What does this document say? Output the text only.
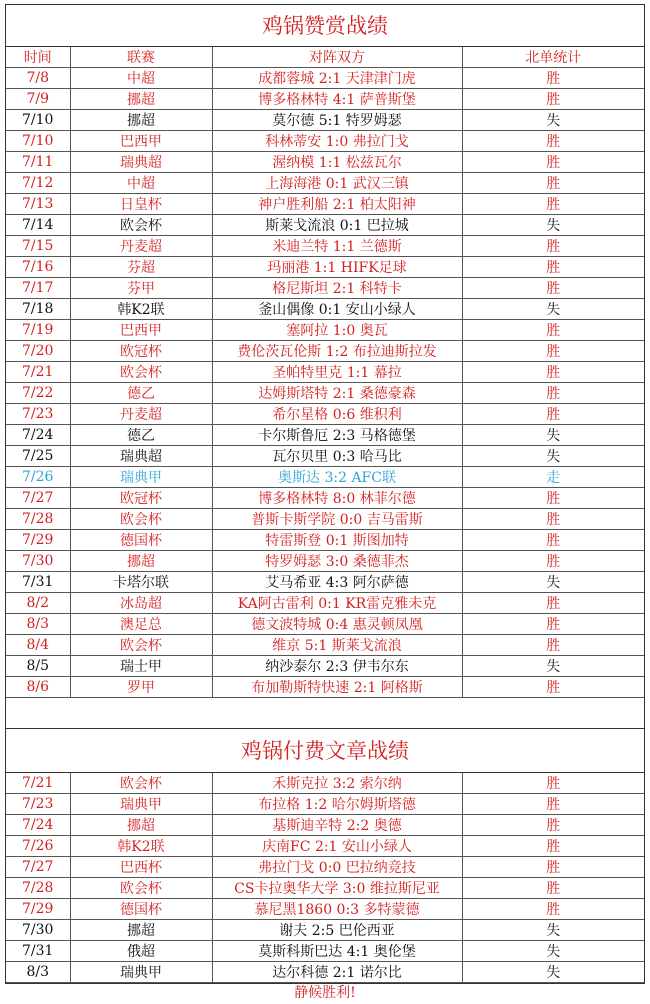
鸡锅赞赏战绩
时间	联赛	对阵双方	北单统计
7/8	中超	成都蓉城 2:1 天津津门虎	胜
7/9	挪超	博多格林特 4:1 萨普斯堡	胜
7/10	挪超	莫尔德 5:1 特罗姆瑟	失
7/10	巴西甲	科林蒂安 1:0 弗拉门戈	胜
7/11	瑞典超	渥纳模 1:1 松兹瓦尔	胜
7/12	中超	上海海港 0:1 武汉三镇	胜
7/13	日皇杯	神户胜利船 2:1 柏太阳神	胜
7/14	欧会杯	斯莱戈流浪 0:1 巴拉城	失
7/15	丹麦超	米迪兰特 1:1 兰德斯	胜
7/16	芬超	玛丽港 1:1 HIFK足球	胜
7/17	芬甲	格尼斯坦 2:1 科特卡	胜
7/18	韩K2联	釜山偶像 0:1 安山小绿人	失
7/19	巴西甲	塞阿拉 1:0 奥瓦	胜
7/20	欧冠杯	费伦茨瓦伦斯 1:2 布拉迪斯拉发	胜
7/21	欧会杯	圣帕特里克 1:1 幕拉	胜
7/22	德乙	达姆斯塔特 2:1 桑德豪森	胜
7/23	丹麦超	希尔星格 0:6 维积利	胜
7/24	德乙	卡尔斯鲁厄 2:3 马格德堡	失
7/25	瑞典超	瓦尔贝里 0:3 哈马比	失
7/26	瑞典甲	奥斯达 3:2 AFC联	走
7/27	欧冠杯	博多格林特 8:0 林菲尔德	胜
7/28	欧会杯	普斯卡斯学院 0:0 吉马雷斯	胜
7/29	德国杯	特雷斯登 0:1 斯图加特	胜
7/30	挪超	特罗姆瑟 3:0 桑德菲杰	胜
7/31	卡塔尔联	艾马希亚 4:3 阿尔萨德	失
8/2	冰岛超	KA阿古雷利 0:1 KR雷克雅未克	胜
8/3	澳足总	德文波特城 0:4 惠灵顿凤凰	胜
8/4	欧会杯	维京 5:1 斯莱戈流浪	胜
8/5	瑞士甲	纳沙泰尔 2:3 伊韦尔东	失
8/6	罗甲	布加勒斯特快速 2:1 阿格斯	胜
鸡锅付费文章战绩
7/21	欧会杯	禾斯克拉 3:2 索尔纳	胜
7/23	瑞典甲	布拉格 1:2 哈尔姆斯塔德	胜
7/24	挪超	基斯迪辛特 2:2 奥德	胜
7/26	韩K2联	庆南FC 2:1 安山小绿人	胜
7/27	巴西杯	弗拉门戈 0:0 巴拉纳竞技	胜
7/28	欧会杯	CS卡拉奥华大学 3:0 维拉斯尼亚	胜
7/29	德国杯	慕尼黑1860 0:3 多特蒙德	胜
7/30	挪超	谢夫 2:5 巴伦西亚	失
7/31	俄超	莫斯科斯巴达 4:1 奥伦堡	失
8/3	瑞典甲	达尔科德 2:1 诺尔比	失
静候胜利!
